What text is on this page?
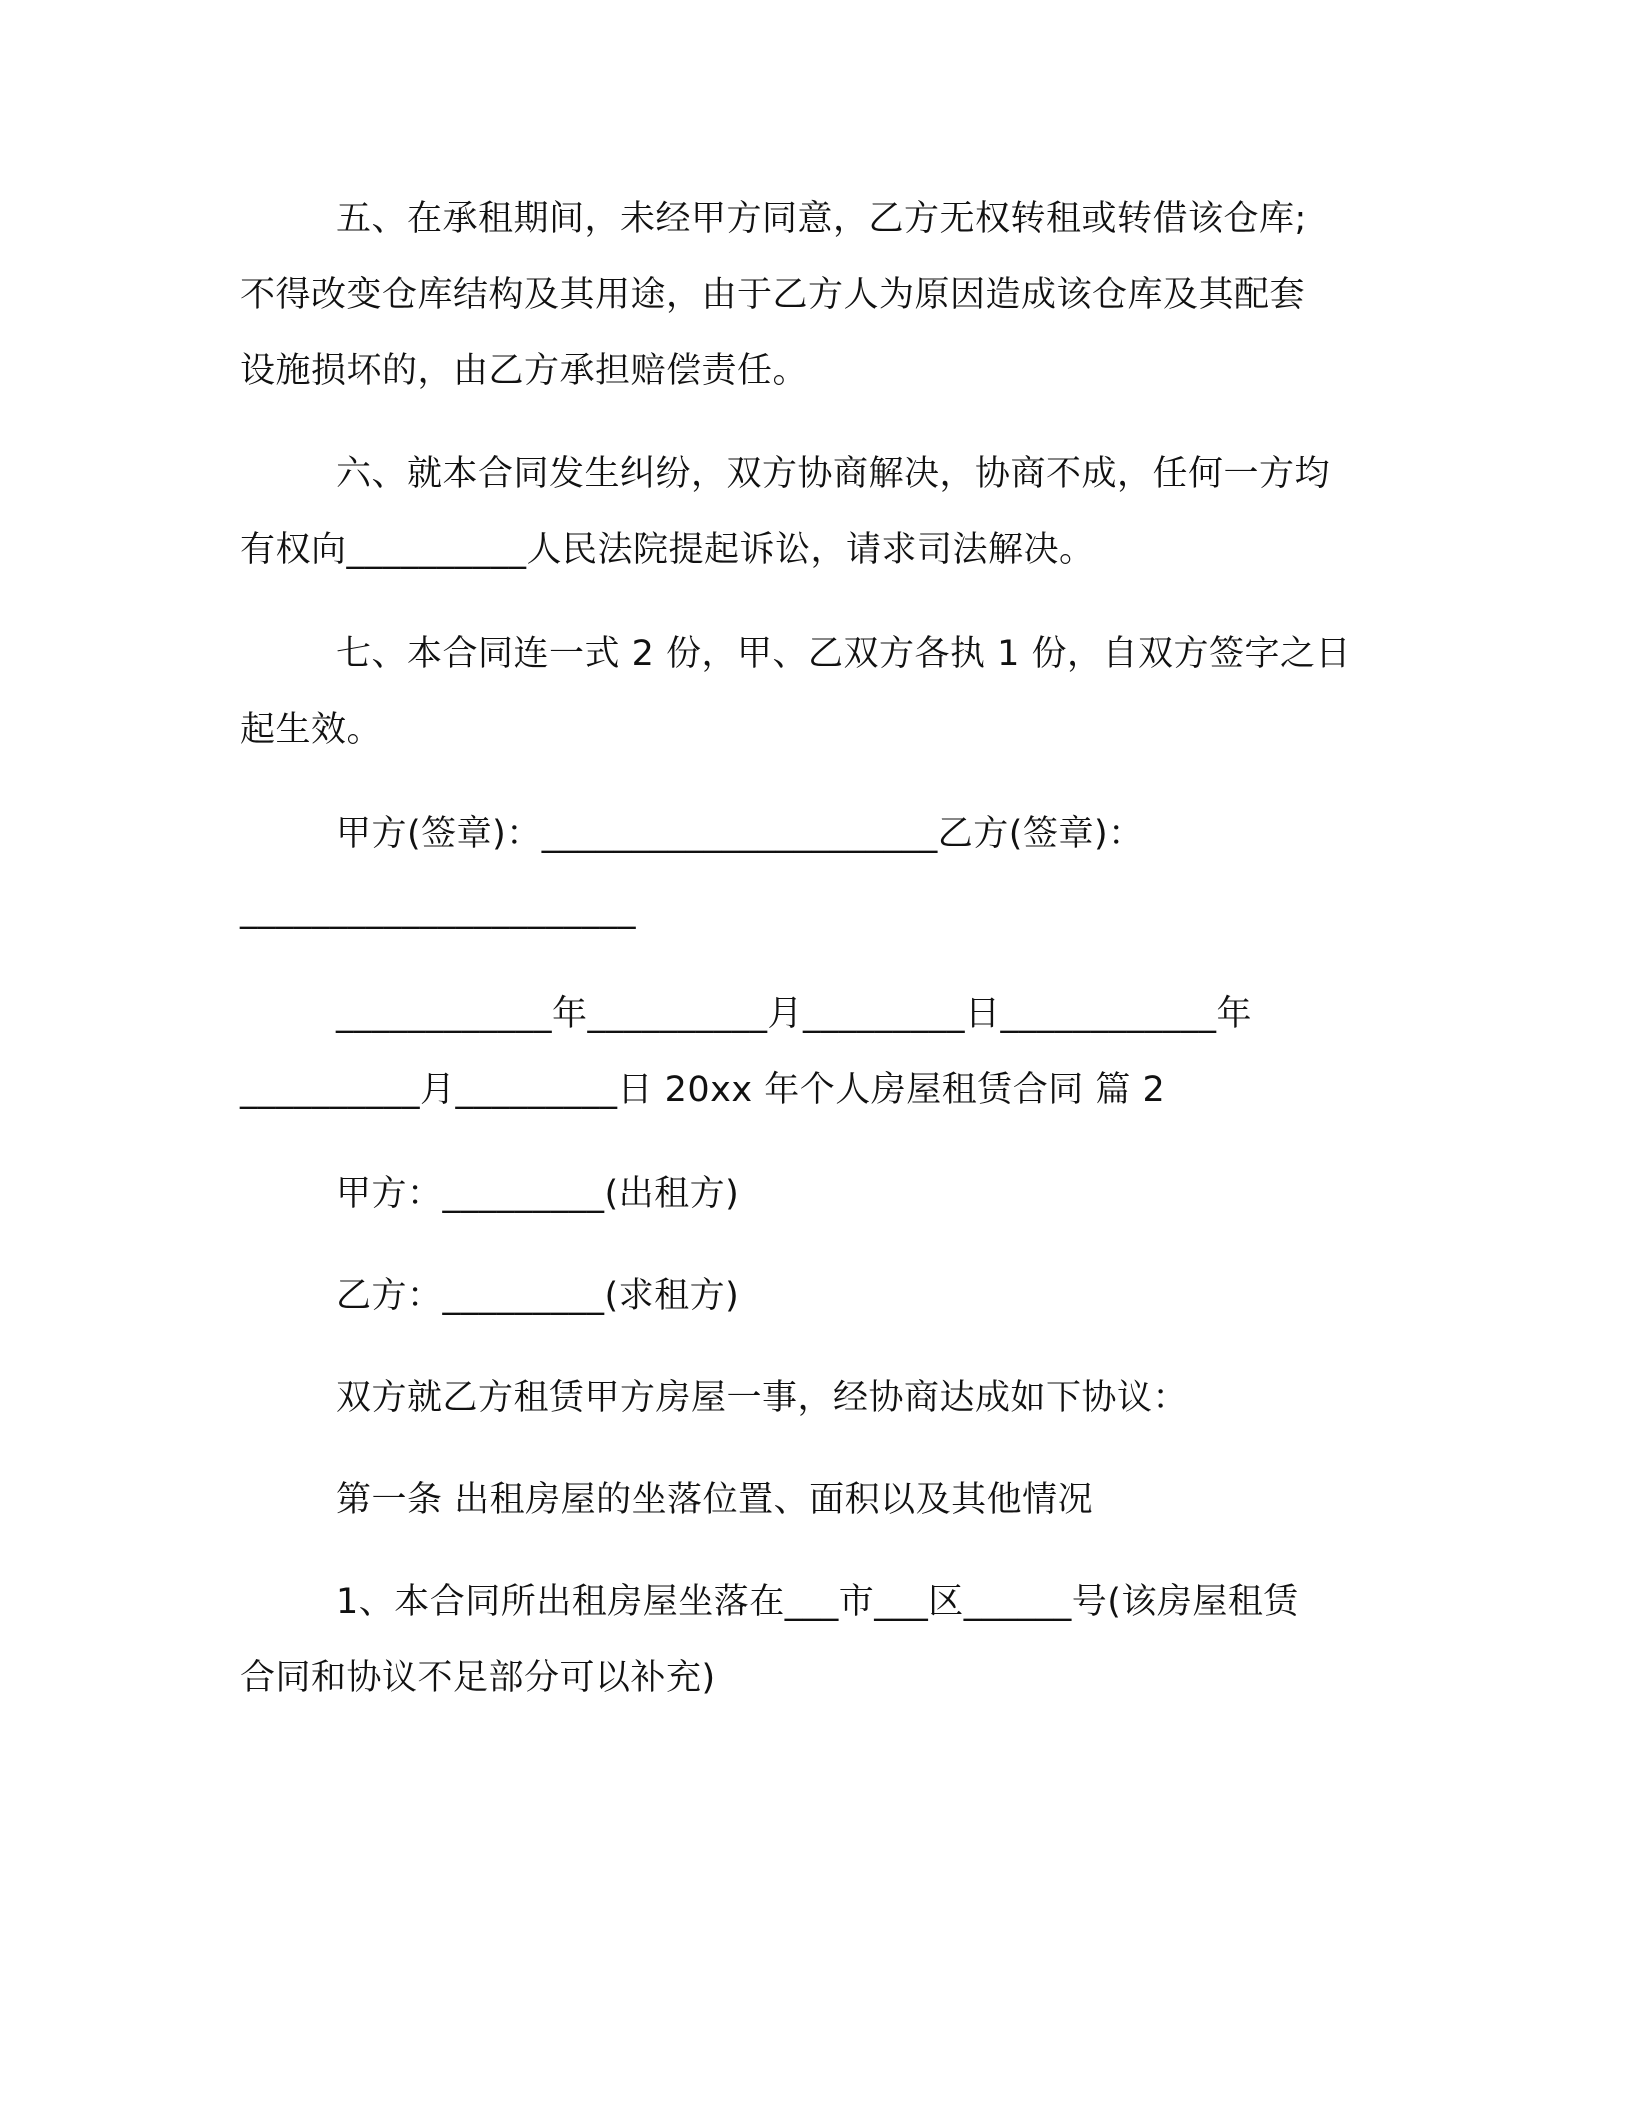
五、在承租期间，未经甲方同意，乙方无权转租或转借该仓库;
不得改变仓库结构及其用途，由于乙方人为原因造成该仓库及其配套
设施损坏的，由乙方承担赔偿责任。
六、就本合同发生纠纷，双方协商解决，协商不成，任何一方均
有权向__________人民法院提起诉讼，请求司法解决。
七、本合同连一式 2 份，甲、乙双方各执 1 份，自双方签字之日
起生效。
甲方(签章)：______________________乙方(签章)：
______________________
____________年__________月_________日____________年
__________月_________日 20xx 年个人房屋租赁合同 篇 2
甲方：_________(出租方)
乙方：_________(求租方)
双方就乙方租赁甲方房屋一事，经协商达成如下协议：
第一条 出租房屋的坐落位置、面积以及其他情况
1、本合同所出租房屋坐落在___市___区______号(该房屋租赁
合同和协议不足部分可以补充)
